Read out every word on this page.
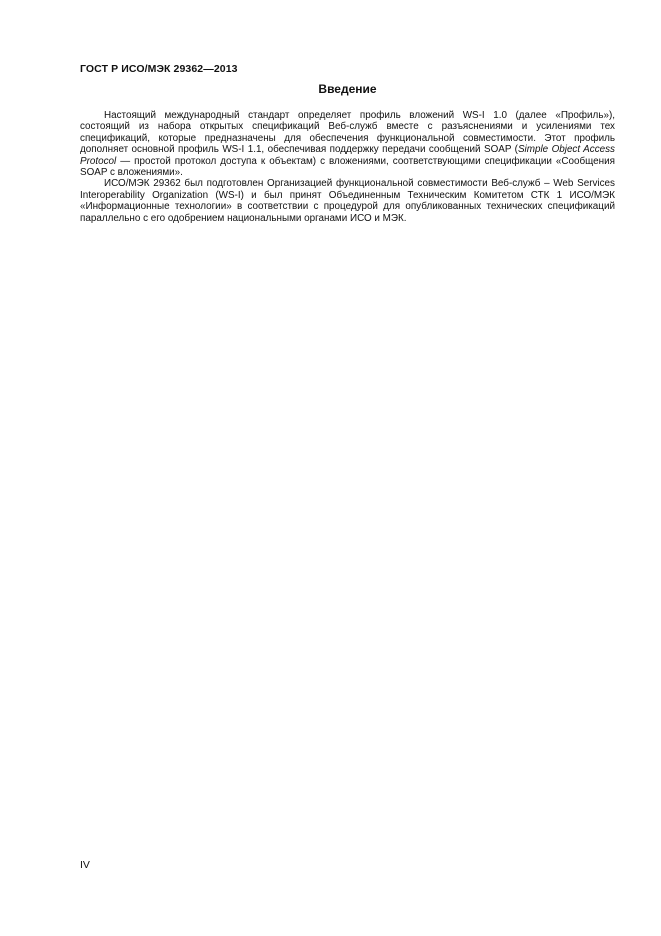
ГОСТ Р ИСО/МЭК 29362—2013
Введение

Настоящий международный стандарт определяет профиль вложений WS-I 1.0 (далее «Профиль»), состоящий из набора открытых спецификаций Веб-служб вместе с разъяснениями и усилениями тех спецификаций, которые предназначены для обеспечения функциональной совместимости. Этот профиль дополняет основной профиль WS-I 1.1, обеспечивая поддержку передачи сообщений SOAP (Simple Object Access Protocol — простой протокол доступа к объектам) с вложениями, соответствующими спецификации «Сообщения SOAP с вложениями».

ИСО/МЭК 29362 был подготовлен Организацией функциональной совместимости Веб-служб – Web Services Interoperability Organization (WS-I) и был принят Объединенным Техническим Комитетом СТК 1 ИСО/МЭК «Информационные технологии» в соответствии с процедурой для опубликованных технических спецификаций параллельно с его одобрением национальными органами ИСО и МЭК.

IV
